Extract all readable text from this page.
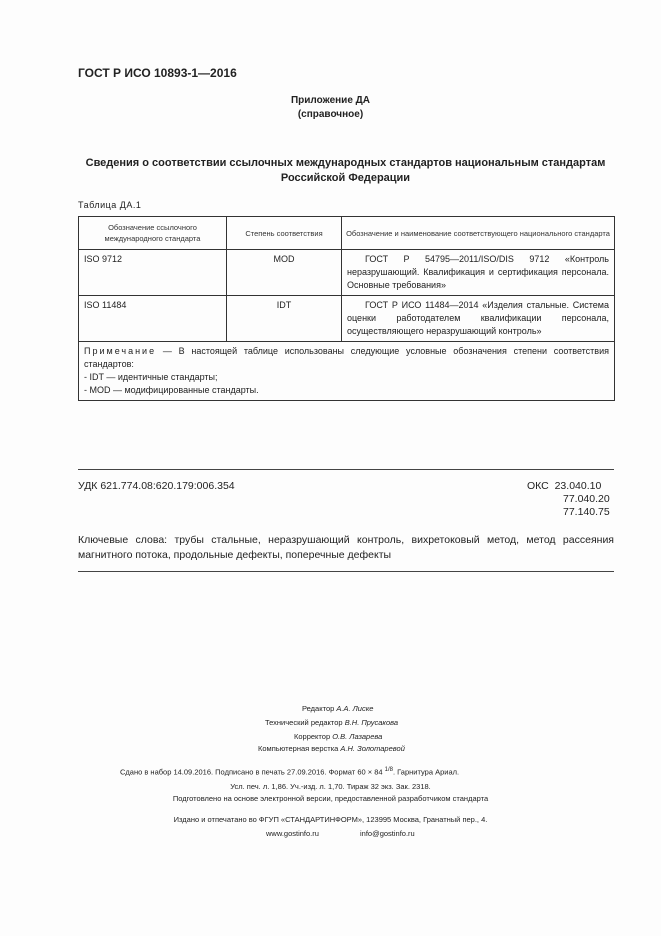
ГОСТ Р ИСО 10893-1—2016
Приложение ДА
(справочное)
Сведения о соответствии ссылочных международных стандартов национальным стандартам
Российской Федерации
Таблица ДА.1
Обозначение ссылочного международного стандарта	Степень соответствия	Обозначение и наименование соответствующего национального стандарта
ISO 9712	MOD	ГОСТ Р 54795—2011/ISO/DIS 9712 «Контроль неразрушающий. Квалификация и сертификация персонала. Основные требования»
ISO 11484	IDT	ГОСТ Р ИСО 11484—2014 «Изделия стальные. Система оценки работодателем квалификации персонала, осуществляющего неразрушающий контроль»

Примечание — В настоящей таблице использованы следующие условные обозначения степени соответствия стандартов:
- IDT — идентичные стандарты;
- MOD — модифицированные стандарты.		
УДК 621.774.08:620.179:006.354	ОКС 23.040.10
77.040.20
77.140.75
Ключевые слова: трубы стальные, неразрушающий контроль, вихретоковый метод, метод рассеяния магнитного потока, продольные дефекты, поперечные дефекты
Редактор А.А. Лиске
Технический редактор В.Н. Прусакова
Корректор О.В. Лазарева
Компьютерная верстка А.Н. Золотаревой
Сдано в набор 14.09.2016. Подписано в печать 27.09.2016. Формат 60 × 84 $^{1/8}$. Гарнитура Ариал.
Усл. печ. л. 1,86. Уч.-изд. л. 1,70. Тираж 32 экз. Зак. 2318.
Подготовлено на основе электронной версии, предоставленной разработчиком стандарта
Издано и отпечатано во ФГУП «СТАНДАРТИНФОРМ», 123995 Москва, Гранатный пер., 4.
www.gostinfo.ru	info@gostinfo.ru
